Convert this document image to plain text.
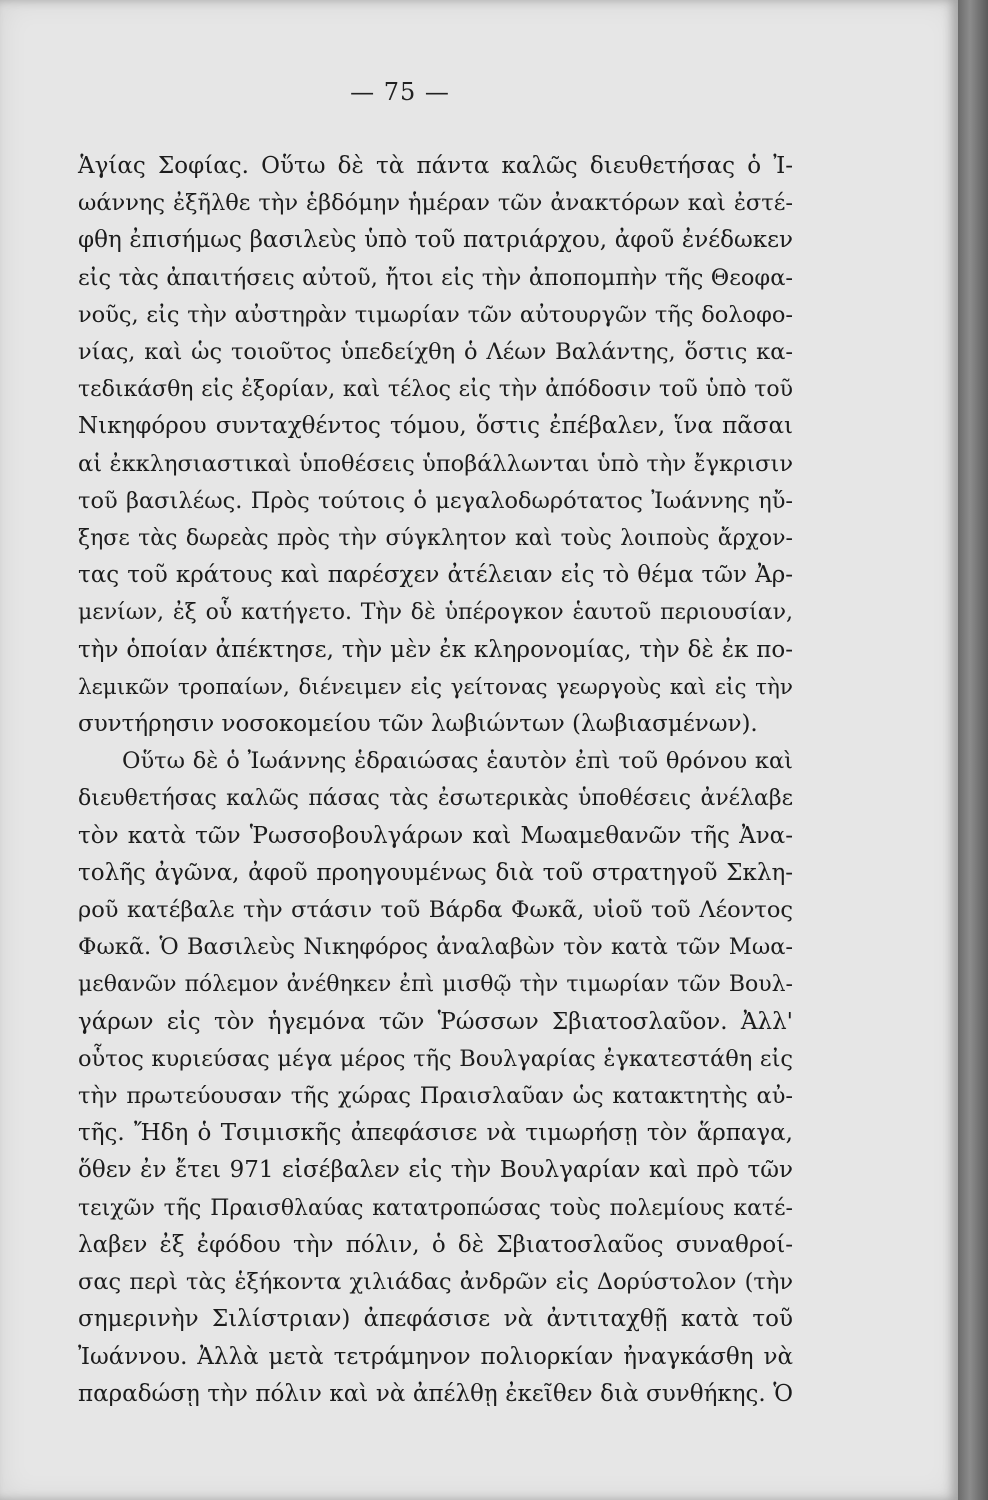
— 75 —

Ἁγίας Σοφίας. Οὕτω δὲ τὰ πάντα καλῶς διευθετήσας ὁ Ἰ-
ωάννης ἐξῆλθε τὴν ἑβδόμην ἡμέραν τῶν ἀνακτόρων καὶ ἐστέ-
φθη ἐπισήμως βασιλεὺς ὑπὸ τοῦ πατριάρχου, ἀφοῦ ἐνέδωκεν
εἰς τὰς ἀπαιτήσεις αὐτοῦ, ἤτοι εἰς τὴν ἀποπομπὴν τῆς Θεοφα-
νοῦς, εἰς τὴν αὐστηρὰν τιμωρίαν τῶν αὐτουργῶν τῆς δολοφο-
νίας, καὶ ὡς τοιοῦτος ὑπεδείχθη ὁ Λέων Βαλάντης, ὅστις κα-
τεδικάσθη εἰς ἐξορίαν, καὶ τέλος εἰς τὴν ἀπόδοσιν τοῦ ὑπὸ τοῦ
Νικηφόρου συνταχθέντος τόμου, ὅστις ἐπέβαλεν, ἵνα πᾶσαι
αἱ ἐκκλησιαστικαὶ ὑποθέσεις ὑποβάλλωνται ὑπὸ τὴν ἔγκρισιν
τοῦ βασιλέως. Πρὸς τούτοις ὁ μεγαλοδωρότατος Ἰωάννης ηὔ-
ξησε τὰς δωρεὰς πρὸς τὴν σύγκλητον καὶ τοὺς λοιποὺς ἄρχον-
τας τοῦ κράτους καὶ παρέσχεν ἀτέλειαν εἰς τὸ θέμα τῶν Ἀρ-
μενίων, ἐξ οὗ κατήγετο. Τὴν δὲ ὑπέρογκον ἑαυτοῦ περιουσίαν,
τὴν ὁποίαν ἀπέκτησε, τὴν μὲν ἐκ κληρονομίας, τὴν δὲ ἐκ πο-
λεμικῶν τροπαίων, διένειμεν εἰς γείτονας γεωργοὺς καὶ εἰς τὴν
συντήρησιν νοσοκομείου τῶν λωβιώντων (λωβιασμένων).

Οὕτω δὲ ὁ Ἰωάννης ἑδραιώσας ἑαυτὸν ἐπὶ τοῦ θρόνου καὶ
διευθετήσας καλῶς πάσας τὰς ἐσωτερικὰς ὑποθέσεις ἀνέλαβε
τὸν κατὰ τῶν Ῥωσσοβουλγάρων καὶ Μωαμεθανῶν τῆς Ἀνα-
τολῆς ἀγῶνα, ἀφοῦ προηγουμένως διὰ τοῦ στρατηγοῦ Σκλη-
ροῦ κατέβαλε τὴν στάσιν τοῦ Βάρδα Φωκᾶ, υἱοῦ τοῦ Λέοντος
Φωκᾶ. Ὁ Βασιλεὺς Νικηφόρος ἀναλαβὼν τὸν κατὰ τῶν Μωα-
μεθανῶν πόλεμον ἀνέθηκεν ἐπὶ μισθῷ τὴν τιμωρίαν τῶν Βουλ-
γάρων εἰς τὸν ἡγεμόνα τῶν Ῥώσσων Σβιατοσλαῦον. Ἀλλ'
οὗτος κυριεύσας μέγα μέρος τῆς Βουλγαρίας ἐγκατεστάθη εἰς
τὴν πρωτεύουσαν τῆς χώρας Πραισλαῦαν ὡς κατακτητὴς αὐ-
τῆς. Ἤδη ὁ Τσιμισκῆς ἀπεφάσισε νὰ τιμωρήσῃ τὸν ἅρπαγα,
ὅθεν ἐν ἔτει 971 εἰσέβαλεν εἰς τὴν Βουλγαρίαν καὶ πρὸ τῶν
τειχῶν τῆς Πραισθλαύας κατατροπώσας τοὺς πολεμίους κατέ-
λαβεν ἐξ ἐφόδου τὴν πόλιν, ὁ δὲ Σβιατοσλαῦος συναθροί-
σας περὶ τὰς ἑξήκοντα χιλιάδας ἀνδρῶν εἰς Δορύστολον (τὴν
σημερινὴν Σιλίστριαν) ἀπεφάσισε νὰ ἀντιταχθῇ κατὰ τοῦ
Ἰωάννου. Ἀλλὰ μετὰ τετράμηνον πολιορκίαν ἠναγκάσθη νὰ
παραδώσῃ τὴν πόλιν καὶ νὰ ἀπέλθῃ ἐκεῖθεν διὰ συνθήκης. Ὁ
